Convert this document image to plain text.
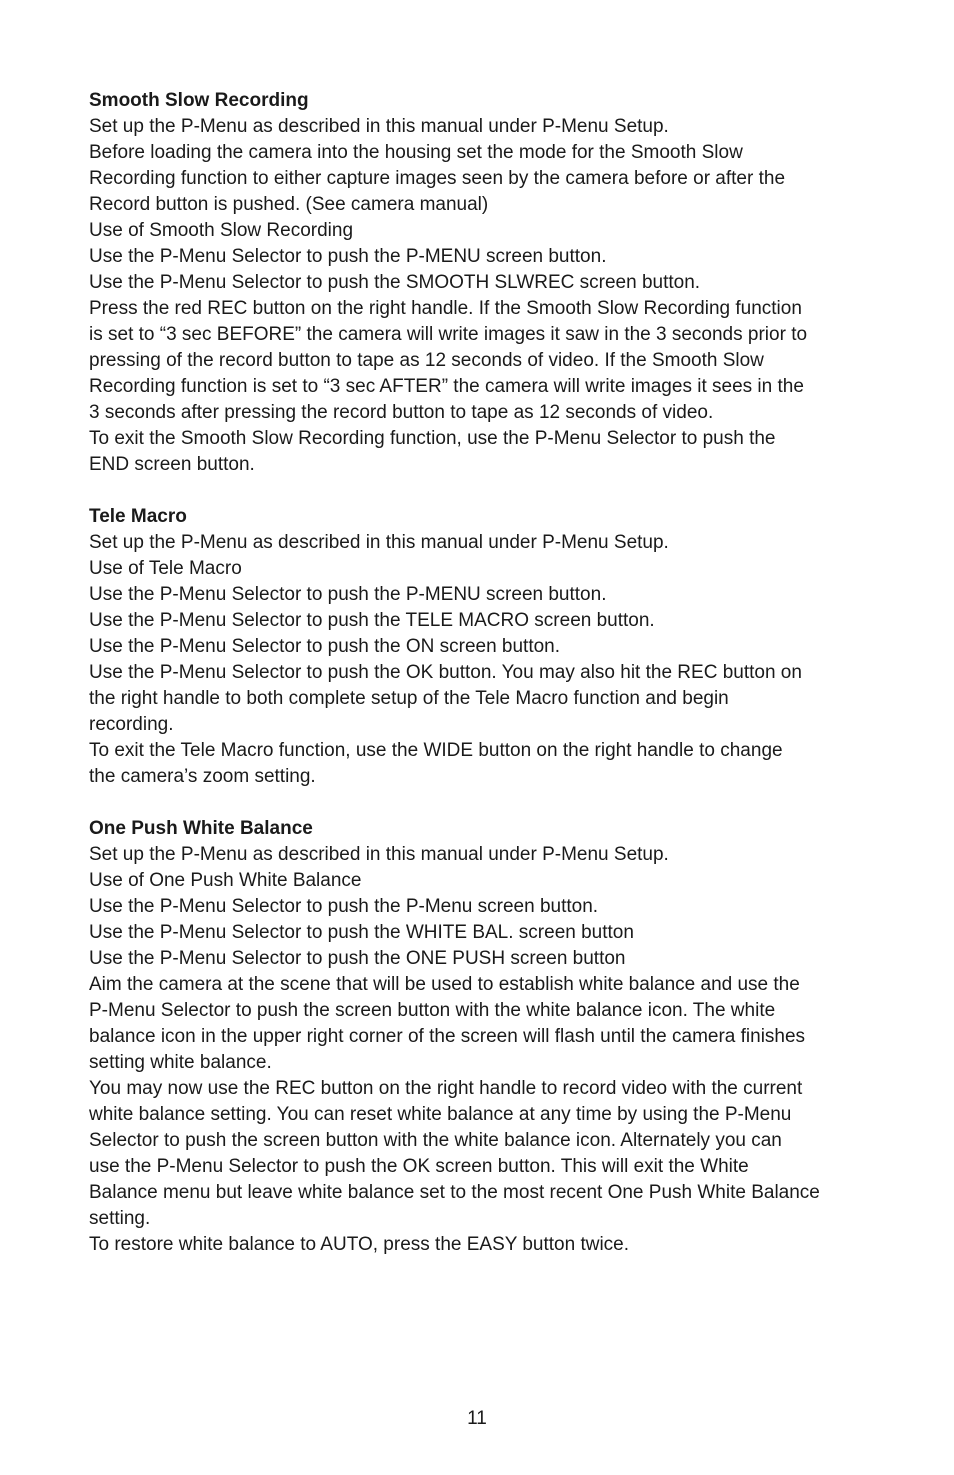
Smooth Slow Recording

Set up the P-Menu as described in this manual under P-Menu Setup.

Before loading the camera into the housing set the mode for the Smooth Slow

Recording function to either capture images seen by the camera before or after the

Record button is pushed. (See camera manual)

Use of Smooth Slow Recording

Use the P-Menu Selector to push the P-MENU screen button.

Use the P-Menu Selector to push the SMOOTH SLWREC screen button.

Press the red REC button on the right handle. If the Smooth Slow Recording function

is set to “3 sec BEFORE” the camera will write images it saw in the 3 seconds prior to

pressing of the record button to tape as 12 seconds of video. If the Smooth Slow

Recording function is set to “3 sec AFTER” the camera will write images it sees in the

3 seconds after pressing the record button to tape as 12 seconds of video.

To exit the Smooth Slow Recording function, use the P-Menu Selector to push the

END screen button.

Tele Macro

Set up the P-Menu as described in this manual under P-Menu Setup.

Use of Tele Macro

Use the P-Menu Selector to push the P-MENU screen button.

Use the P-Menu Selector to push the TELE MACRO screen button.

Use the P-Menu Selector to push the ON screen button.

Use the P-Menu Selector to push the OK button. You may also hit the REC button on

the right handle to both complete setup of the Tele Macro function and begin

recording.

To exit the Tele Macro function, use the WIDE button on the right handle to change

the camera’s zoom setting.

One Push White Balance

Set up the P-Menu as described in this manual under P-Menu Setup.

Use of One Push White Balance

Use the P-Menu Selector to push the P-Menu screen button.

Use the P-Menu Selector to push the WHITE BAL. screen button

Use the P-Menu Selector to push the ONE PUSH screen button

Aim the camera at the scene that will be used to establish white balance and use the

P-Menu Selector to push the screen button with the white balance icon. The white

balance icon in the upper right corner of the screen will flash until the camera finishes

setting white balance.

You may now use the REC button on the right handle to record video with the current

white balance setting. You can reset white balance at any time by using the P-Menu

Selector to push the screen button with the white balance icon. Alternately you can

use the P-Menu Selector to push the OK screen button. This will exit the White

Balance menu but leave white balance set to the most recent One Push White Balance

setting.

To restore white balance to AUTO, press the EASY button twice.

11
